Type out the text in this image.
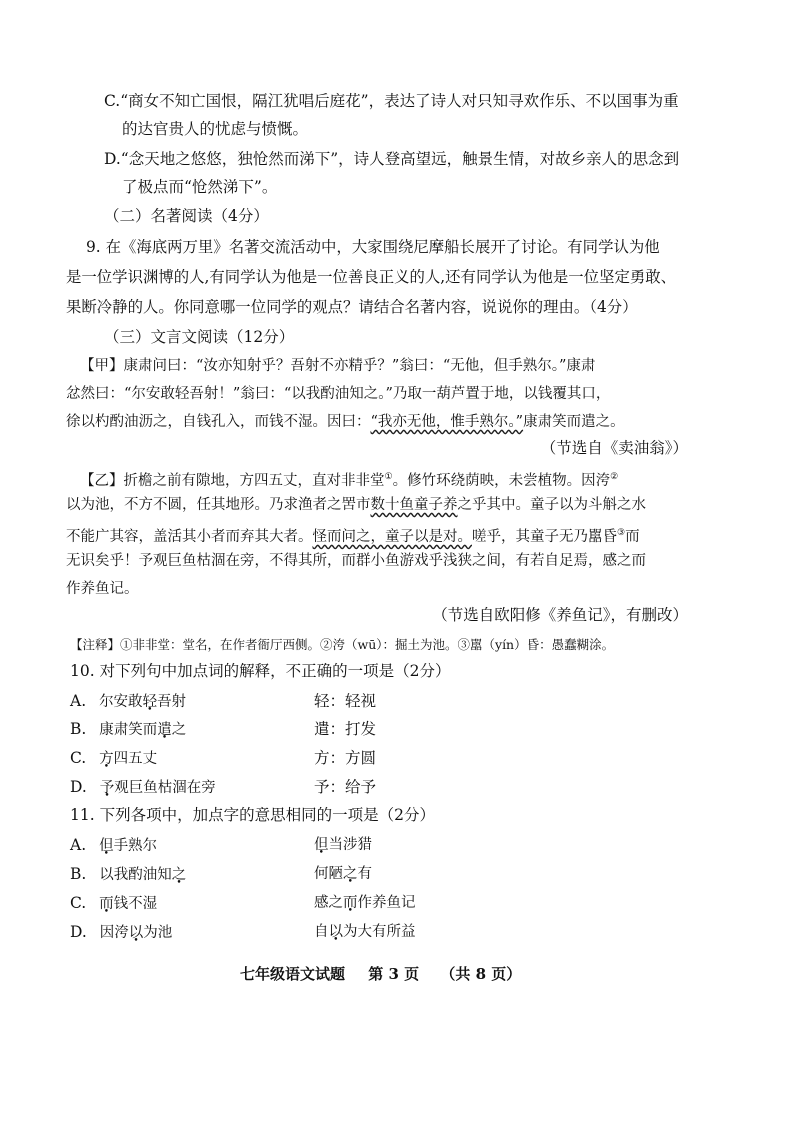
C.“商女不知亡国恨，隔江犹唱后庭花”，表达了诗人对只知寻欢作乐、不以国事为重
的达官贵人的忧虑与愤慨。
D.“念天地之悠悠，独怆然而涕下”，诗人登高望远，触景生情，对故乡亲人的思念到
了极点而“怆然涕下”。
（二）名著阅读（4分）
9. 在《海底两万里》名著交流活动中，大家围绕尼摩船长展开了讨论。有同学认为他
是一位学识渊博的人,有同学认为他是一位善良正义的人,还有同学认为他是一位坚定勇敢、
果断冷静的人。你同意哪一位同学的观点？请结合名著内容，说说你的理由。（4分）
（三）文言文阅读（12分）
【甲】康肃问曰：“汝亦知射乎？吾射不亦精乎？”翁曰：“无他，但手熟尔。”康肃
忿然曰：“尔安敢轻吾射！”翁曰：“以我酌油知之。”乃取一葫芦置于地，以钱覆其口，
徐以杓酌油沥之，自钱孔入，而钱不湿。因曰：“我亦无他，惟手熟尔。”康肃笑而遣之。
（节选自《卖油翁》）
【乙】折檐之前有隙地，方四五丈，直对非非堂①。修竹环绕荫映，未尝植物。因洿②
以为池，不方不圆，任其地形。乃求渔者之罟市数十鱼童子养之乎其中。童子以为斗斛之水
不能广其容，盖活其小者而弃其大者。怪而问之，童子以是对。嗟乎，其童子无乃嚚昏③而
无识矣乎！予观巨鱼枯涸在旁，不得其所，而群小鱼游戏乎浅狭之间，有若自足焉，感之而
作养鱼记。
（节选自欧阳修《养鱼记》，有删改）
【注释】①非非堂：堂名，在作者衙厅西侧。②洿（wū）：掘土为池。③嚚（yín）昏：愚蠢糊涂。
10. 对下列句中加点词的解释，不正确的一项是（2分）
A. 尔安敢轻吾射	轻：轻视
B. 康肃笑而遣之	遣：打发
C. 方四五丈	方：方圆
D. 予观巨鱼枯涸在旁	予：给予
11. 下列各项中，加点字的意思相同的一项是（2分）
A. 但手熟尔	但当涉猎
B. 以我酌油知之	何陋之有
C. 而钱不湿	感之而作养鱼记
D. 因洿以为池	自以为大有所益
七年级语文试题 第 3 页 （共 8 页）
